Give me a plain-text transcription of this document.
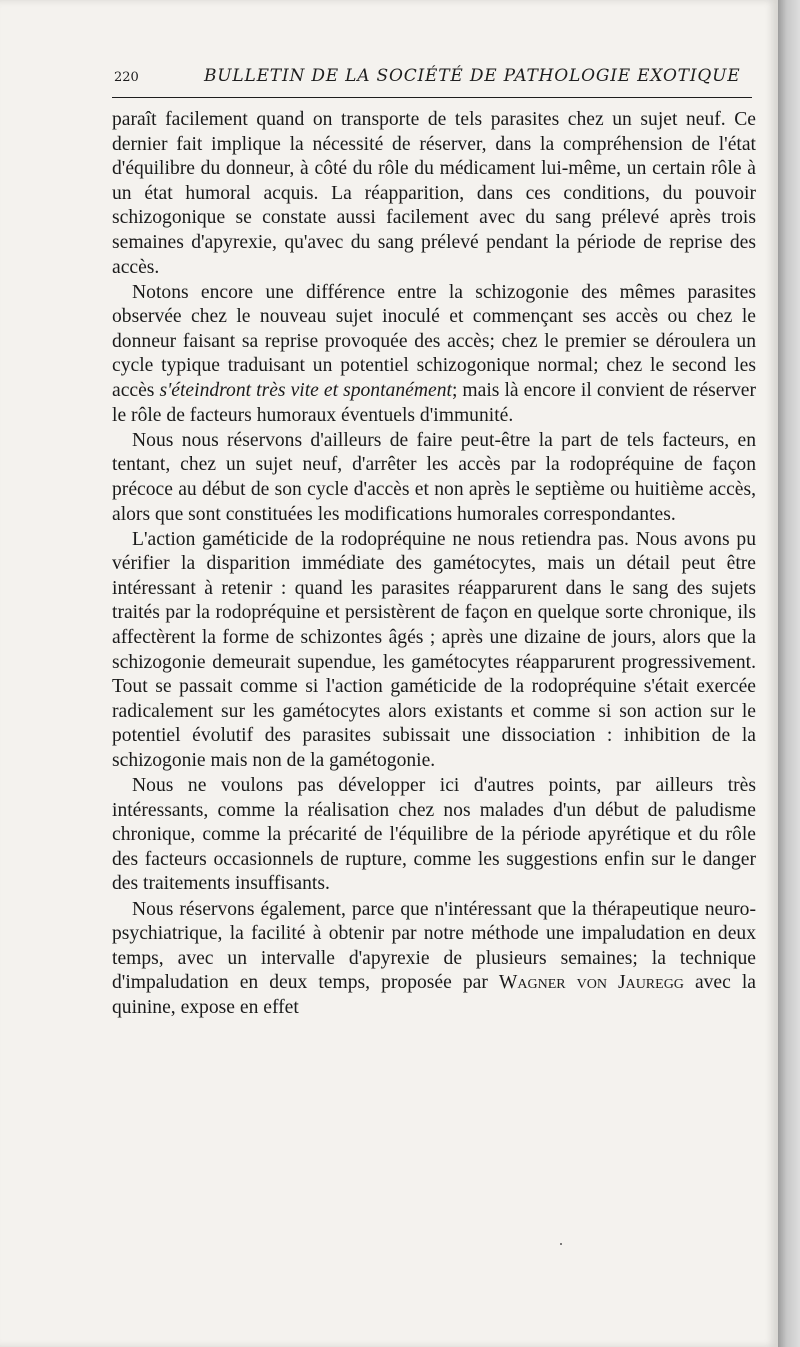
220	BULLETIN DE LA SOCIÉTÉ DE PATHOLOGIE EXOTIQUE

paraît facilement quand on transporte de tels parasites chez un sujet neuf. Ce dernier fait implique la nécessité de réserver, dans la compréhension de l'état d'équilibre du donneur, à côté du rôle du médicament lui-même, un certain rôle à un état humoral acquis. La réapparition, dans ces conditions, du pouvoir schizogonique se constate aussi facilement avec du sang prélevé après trois semaines d'apyrexie, qu'avec du sang prélevé pendant la période de reprise des accès.

Notons encore une différence entre la schizogonie des mêmes parasites observée chez le nouveau sujet inoculé et commençant ses accès ou chez le donneur faisant sa reprise provoquée des accès; chez le premier se déroulera un cycle typique traduisant un potentiel schizogonique normal; chez le second les accès s'éteindront très vite et spontanément; mais là encore il convient de réserver le rôle de facteurs humoraux éventuels d'immunité.

Nous nous réservons d'ailleurs de faire peut-être la part de tels facteurs, en tentant, chez un sujet neuf, d'arrêter les accès par la rodopréquine de façon précoce au début de son cycle d'accès et non après le septième ou huitième accès, alors que sont constituées les modifications humorales correspondantes.

L'action gaméticide de la rodopréquine ne nous retiendra pas. Nous avons pu vérifier la disparition immédiate des gamétocytes, mais un détail peut être intéressant à retenir : quand les parasites réapparurent dans le sang des sujets traités par la rodopréquine et persistèrent de façon en quelque sorte chronique, ils affectèrent la forme de schizontes âgés ; après une dizaine de jours, alors que la schizogonie demeurait supendue, les gamétocytes réapparurent progressivement. Tout se passait comme si l'action gaméticide de la rodopréquine s'était exercée radicalement sur les gamétocytes alors existants et comme si son action sur le potentiel évolutif des parasites subissait une dissociation : inhibition de la schizogonie mais non de la gamétogonie.

Nous ne voulons pas développer ici d'autres points, par ailleurs très intéressants, comme la réalisation chez nos malades d'un début de paludisme chronique, comme la précarité de l'équilibre de la période apyrétique et du rôle des facteurs occasionnels de rupture, comme les suggestions enfin sur le danger des traitements insuffisants.

Nous réservons également, parce que n'intéressant que la thérapeutique neuro-psychiatrique, la facilité à obtenir par notre méthode une impaludation en deux temps, avec un intervalle d'apyrexie de plusieurs semaines; la technique d'impaludation en deux temps, proposée par Wagner von Jauregg avec la quinine, expose en effet
